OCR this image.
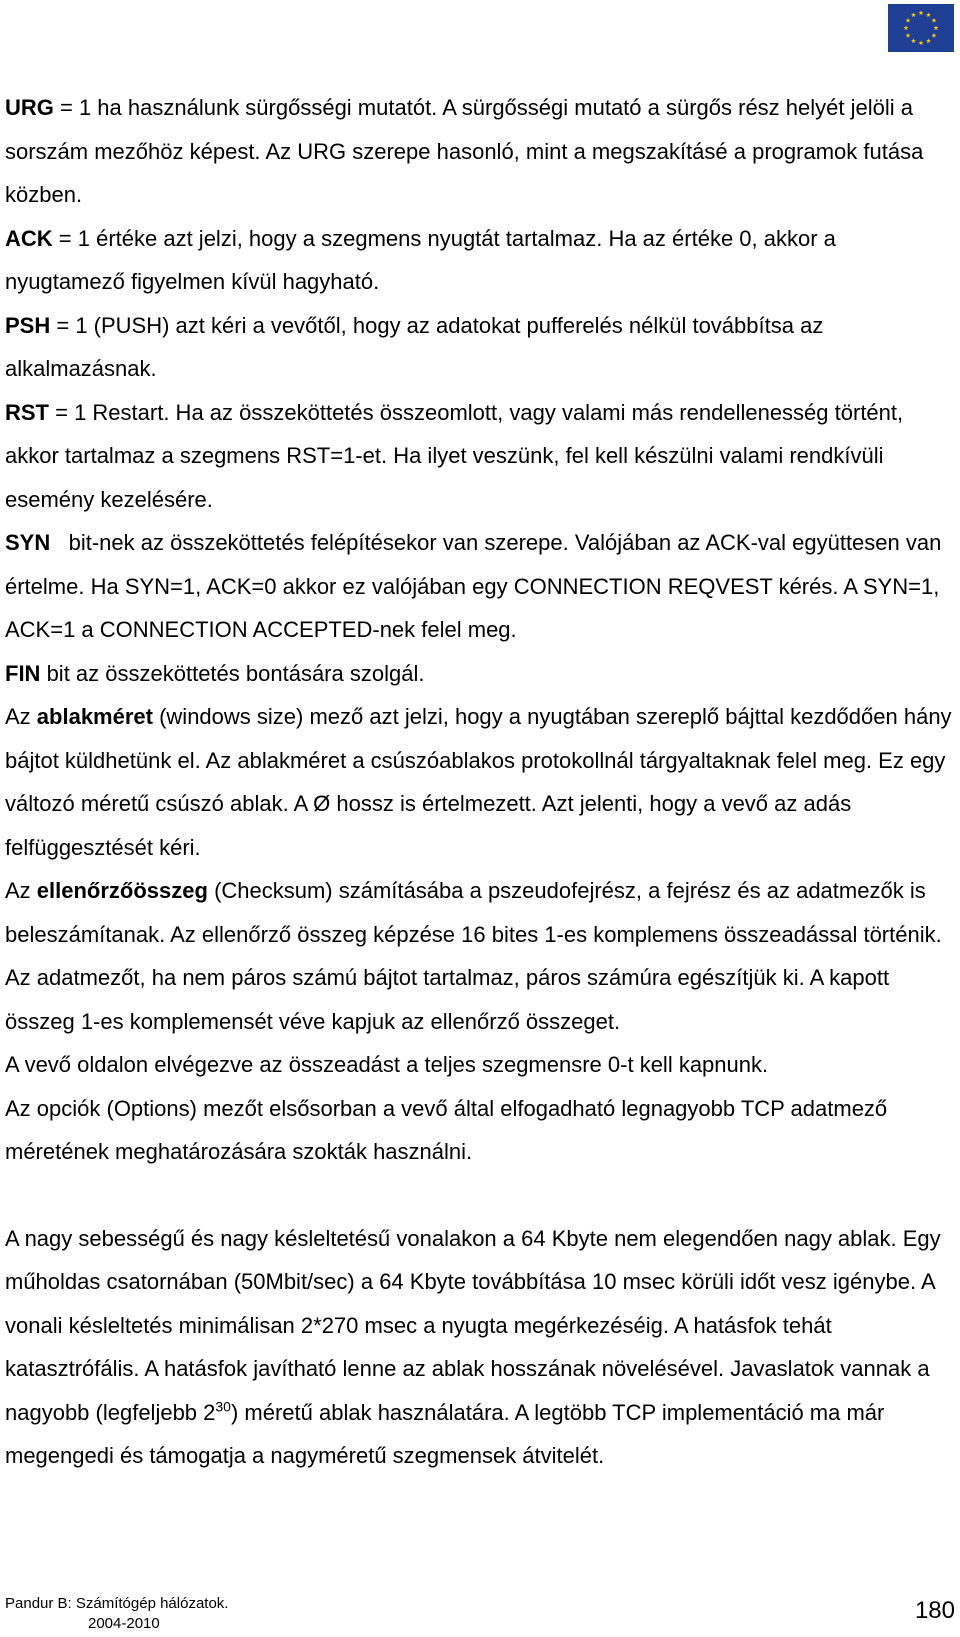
URG = 1 ha használunk sürgősségi mutatót. A sürgősségi mutató a sürgős rész helyét jelöli a sorszám mezőhöz képest. Az URG szerepe hasonló, mint a megszakításé a programok futása közben.

ACK = 1 értéke azt jelzi, hogy a szegmens nyugtát tartalmaz. Ha az értéke 0, akkor a nyugtamező figyelmen kívül hagyható.

PSH = 1 (PUSH) azt kéri a vevőtől, hogy az adatokat pufferelés nélkül továbbítsa az alkalmazásnak.

RST = 1 Restart. Ha az összeköttetés összeomlott, vagy valami más rendellenesség történt, akkor tartalmaz a szegmens RST=1-et. Ha ilyet veszünk, fel kell készülni valami rendkívüli esemény kezelésére.

SYN   bit-nek az összeköttetés felépítésekor van szerepe. Valójában az ACK-val együttesen van értelme. Ha SYN=1, ACK=0 akkor ez valójában egy CONNECTION REQVEST kérés. A SYN=1, ACK=1 a CONNECTION ACCEPTED-nek felel meg.

FIN bit az összeköttetés bontására szolgál.

Az ablakméret (windows size) mező azt jelzi, hogy a nyugtában szereplő bájttal kezdődően hány bájtot küldhetünk el. Az ablakméret a csúszóablakos protokollnál tárgyaltaknak felel meg. Ez egy változó méretű csúszó ablak. A Ø hossz is értelmezett. Azt jelenti, hogy a vevő az adás felfüggesztését kéri.

Az ellenőrzőösszeg (Checksum) számításába a pszeudofejrész, a fejrész és az adatmezők is beleszámítanak. Az ellenőrző összeg képzése 16 bites 1-es komplemens összeadással történik. Az adatmezőt, ha nem páros számú bájtot tartalmaz, páros számúra egészítjük ki. A kapott összeg 1-es komplemensét véve kapjuk az ellenőrző összeget.

A vevő oldalon elvégezve az összeadást a teljes szegmensre 0-t kell kapnunk.

Az opciók (Options) mezőt elsősorban a vevő által elfogadható legnagyobb TCP adatmező méretének meghatározására szokták használni.

A nagy sebességű és nagy késleltetésű vonalakon a 64 Kbyte nem elegendően nagy ablak. Egy műholdas csatornában (50Mbit/sec) a 64 Kbyte továbbítása 10 msec körüli időt vesz igénybe. A vonali késleltetés minimálisan 2*270 msec a nyugta megérkezéséig. A hatásfok tehát katasztrófális. A hatásfok javítható lenne az ablak hosszának növelésével. Javaslatok vannak a nagyobb (legfeljebb $2^{30}$) méretű ablak használatára. A legtöbb TCP implementáció ma már megengedi és támogatja a nagyméretű szegmensek átvitelét.

Pandur B: Számítógép hálózatok.
2004-2010	180
